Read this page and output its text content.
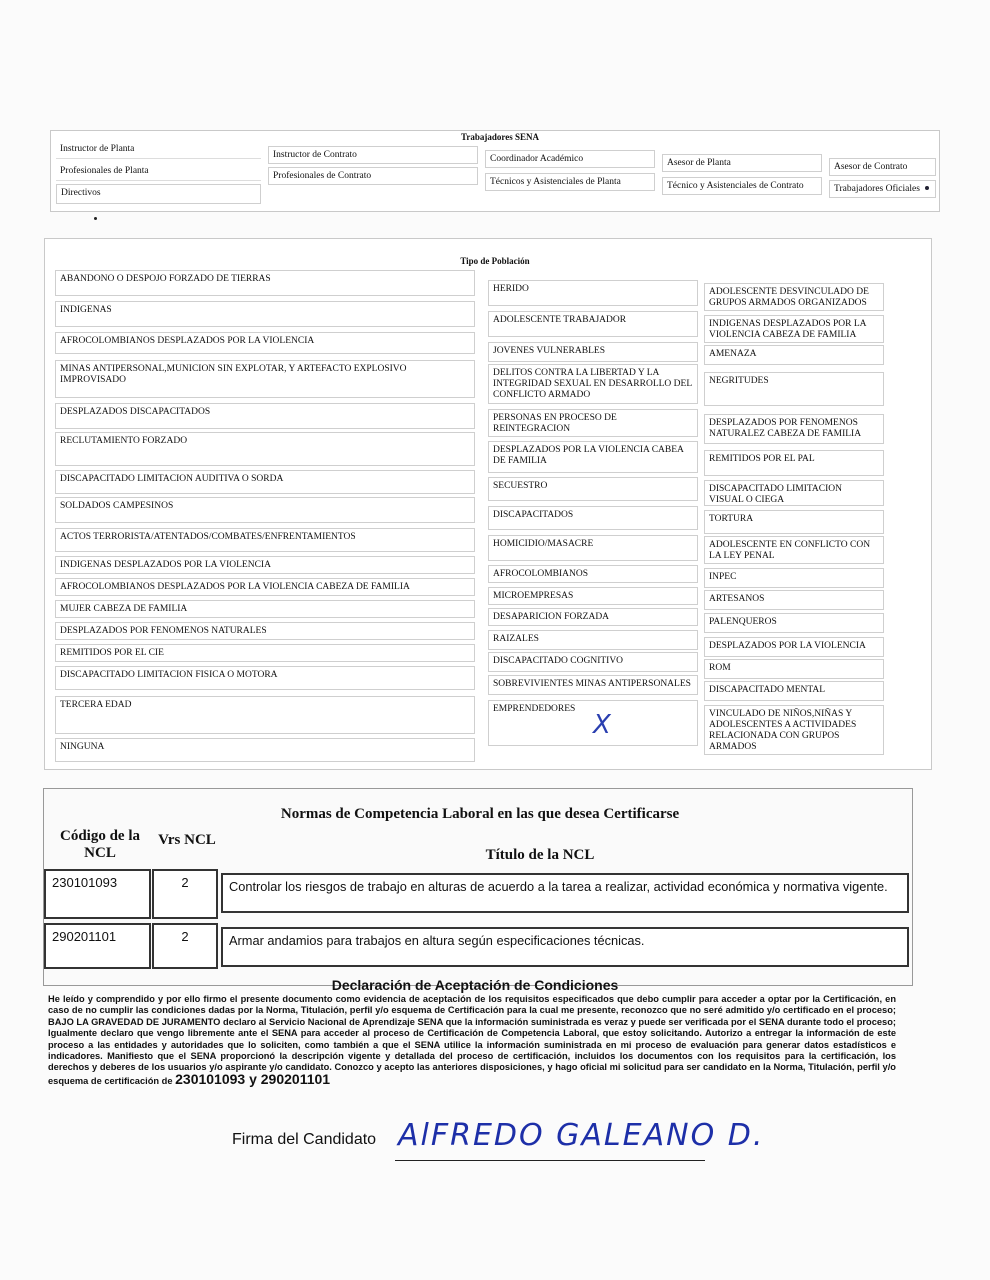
Trabajadores SENA
Instructor de Planta
Profesionales de Planta
Directivos
Instructor de Contrato
Profesionales de Contrato
Coordinador Académico
Técnicos y Asistenciales de Planta
Asesor de Planta
Técnico y Asistenciales de Contrato
Asesor de Contrato
Trabajadores Oficiales
Tipo de Población
ABANDONO O DESPOJO FORZADO DE TIERRAS
INDIGENAS
AFROCOLOMBIANOS DESPLAZADOS POR LA VIOLENCIA
MINAS ANTIPERSONAL,MUNICION SIN EXPLOTAR, Y ARTEFACTO EXPLOSIVO IMPROVISADO
DESPLAZADOS DISCAPACITADOS
RECLUTAMIENTO FORZADO
DISCAPACITADO LIMITACION AUDITIVA O SORDA
SOLDADOS CAMPESINOS
ACTOS TERRORISTA/ATENTADOS/COMBATES/ENFRENTAMIENTOS
INDIGENAS DESPLAZADOS POR LA VIOLENCIA
AFROCOLOMBIANOS DESPLAZADOS POR LA VIOLENCIA CABEZA DE FAMILIA
MUJER CABEZA DE FAMILIA
DESPLAZADOS POR FENOMENOS NATURALES
REMITIDOS POR EL CIE
DISCAPACITADO LIMITACION FISICA O MOTORA
TERCERA EDAD
NINGUNA
HERIDO
ADOLESCENTE TRABAJADOR
JOVENES VULNERABLES
DELITOS CONTRA LA LIBERTAD Y LA INTEGRIDAD SEXUAL EN DESARROLLO DEL CONFLICTO ARMADO
PERSONAS EN PROCESO DE REINTEGRACION
DESPLAZADOS POR LA VIOLENCIA CABEA DE FAMILIA
SECUESTRO
DISCAPACITADOS
HOMICIDIO/MASACRE
AFROCOLOMBIANOS
MICROEMPRESAS
DESAPARICION FORZADA
RAIZALES
DISCAPACITADO COGNITIVO
SOBREVIVIENTES MINAS ANTIPERSONALES
EMPRENDEDORES
ADOLESCENTE DESVINCULADO DE GRUPOS ARMADOS ORGANIZADOS
INDIGENAS DESPLAZADOS POR LA VIOLENCIA CABEZA DE FAMILIA
AMENAZA
NEGRITUDES
DESPLAZADOS POR FENOMENOS NATURALEZ CABEZA DE FAMILIA
REMITIDOS POR EL PAL
DISCAPACITADO LIMITACION VISUAL O CIEGA
TORTURA
ADOLESCENTE EN CONFLICTO CON LA LEY PENAL
INPEC
ARTESANOS
PALENQUEROS
DESPLAZADOS POR LA VIOLENCIA
ROM
DISCAPACITADO MENTAL
VINCULADO DE NIÑOS,NIÑAS Y ADOLESCENTES A ACTIVIDADES RELACIONADA CON GRUPOS ARMADOS
X
Normas de Competencia Laboral en las que desea Certificarse
Código de la NCL
Vrs NCL
Título de la NCL
230101093	2	Controlar los riesgos de trabajo en alturas de acuerdo a la tarea a realizar, actividad económica y normativa vigente.
290201101	2	Armar andamios para trabajos en altura según especificaciones técnicas.
Declaración de Aceptación de Condiciones
He leído y comprendido y por ello firmo el presente documento como evidencia de aceptación de los requisitos especificados que debo cumplir para acceder a optar por la Certificación, en caso de no cumplir las condiciones dadas por la Norma, Titulación, perfil y/o esquema de Certificación para la cual me presente, reconozco que no seré admitido y/o certificado en el proceso; BAJO LA GRAVEDAD DE JURAMENTO declaro al Servicio Nacional de Aprendizaje SENA que la información suministrada es veraz y puede ser verificada por el SENA durante todo el proceso; Igualmente declaro que vengo libremente ante el SENA para acceder al proceso de Certificación de Competencia Laboral, que estoy solicitando. Autorizo a entregar la información de este proceso a las entidades y autoridades que lo soliciten, como también a que el SENA utilice la información suministrada en mi proceso de evaluación para generar datos estadísticos e indicadores. Manifiesto que el SENA proporcionó la descripción vigente y detallada del proceso de certificación, incluidos los documentos con los requisitos para la certificación, los derechos y deberes de los usuarios y/o aspirante y/o candidato. Conozco y acepto las anteriores disposiciones, y hago oficial mi solicitud para ser candidato en la Norma, Titulación, perfil y/o esquema de certificación de 230101093 y 290201101
Firma del Candidato AlFREDO GALEANO D.
